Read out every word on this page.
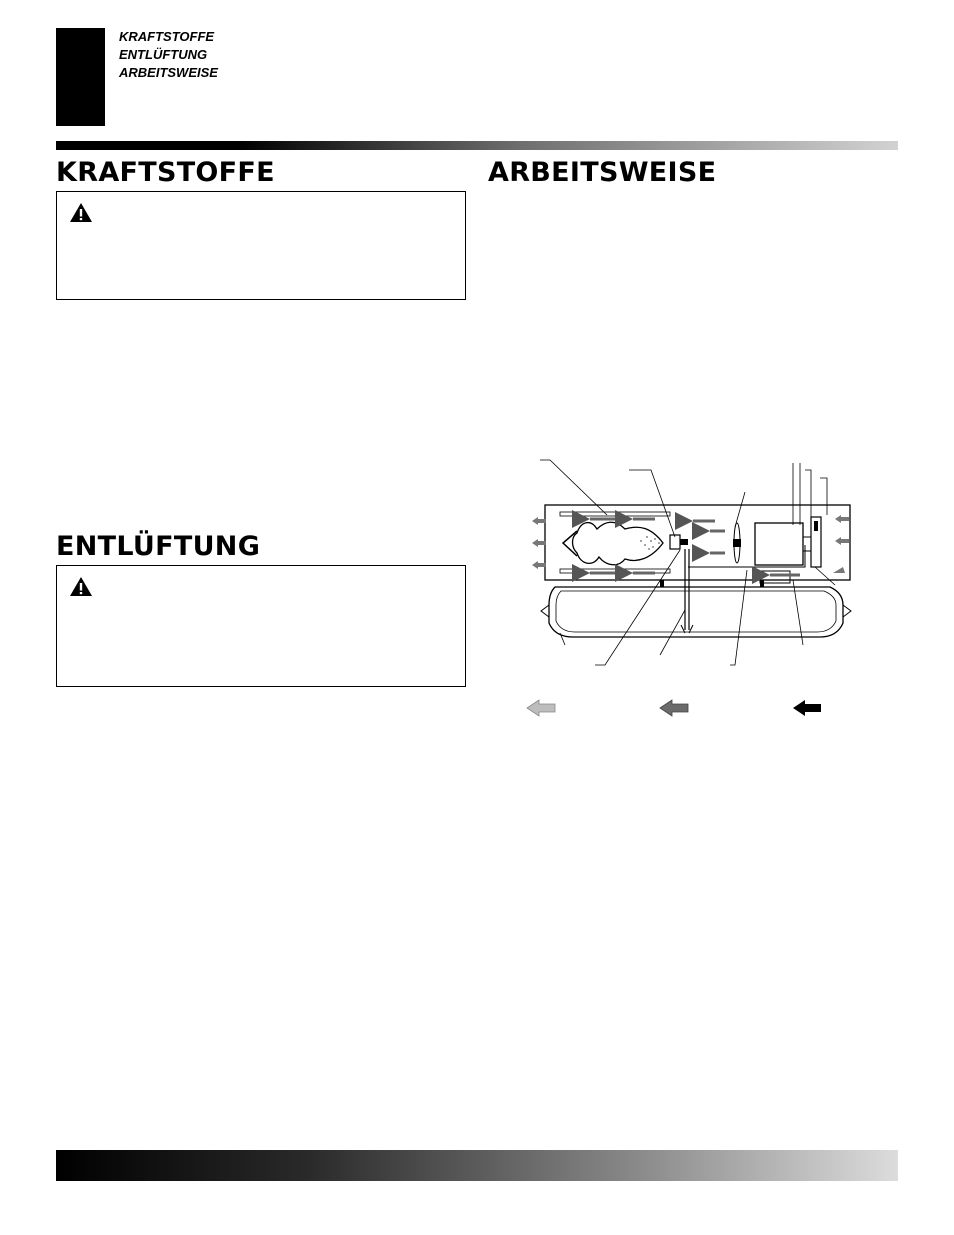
KRAFTSTOFFE
ENTLÜFTUNG
ARBEITSWEISE
KRAFTSTOFFE
ENTLÜFTUNG
ARBEITSWEISE
